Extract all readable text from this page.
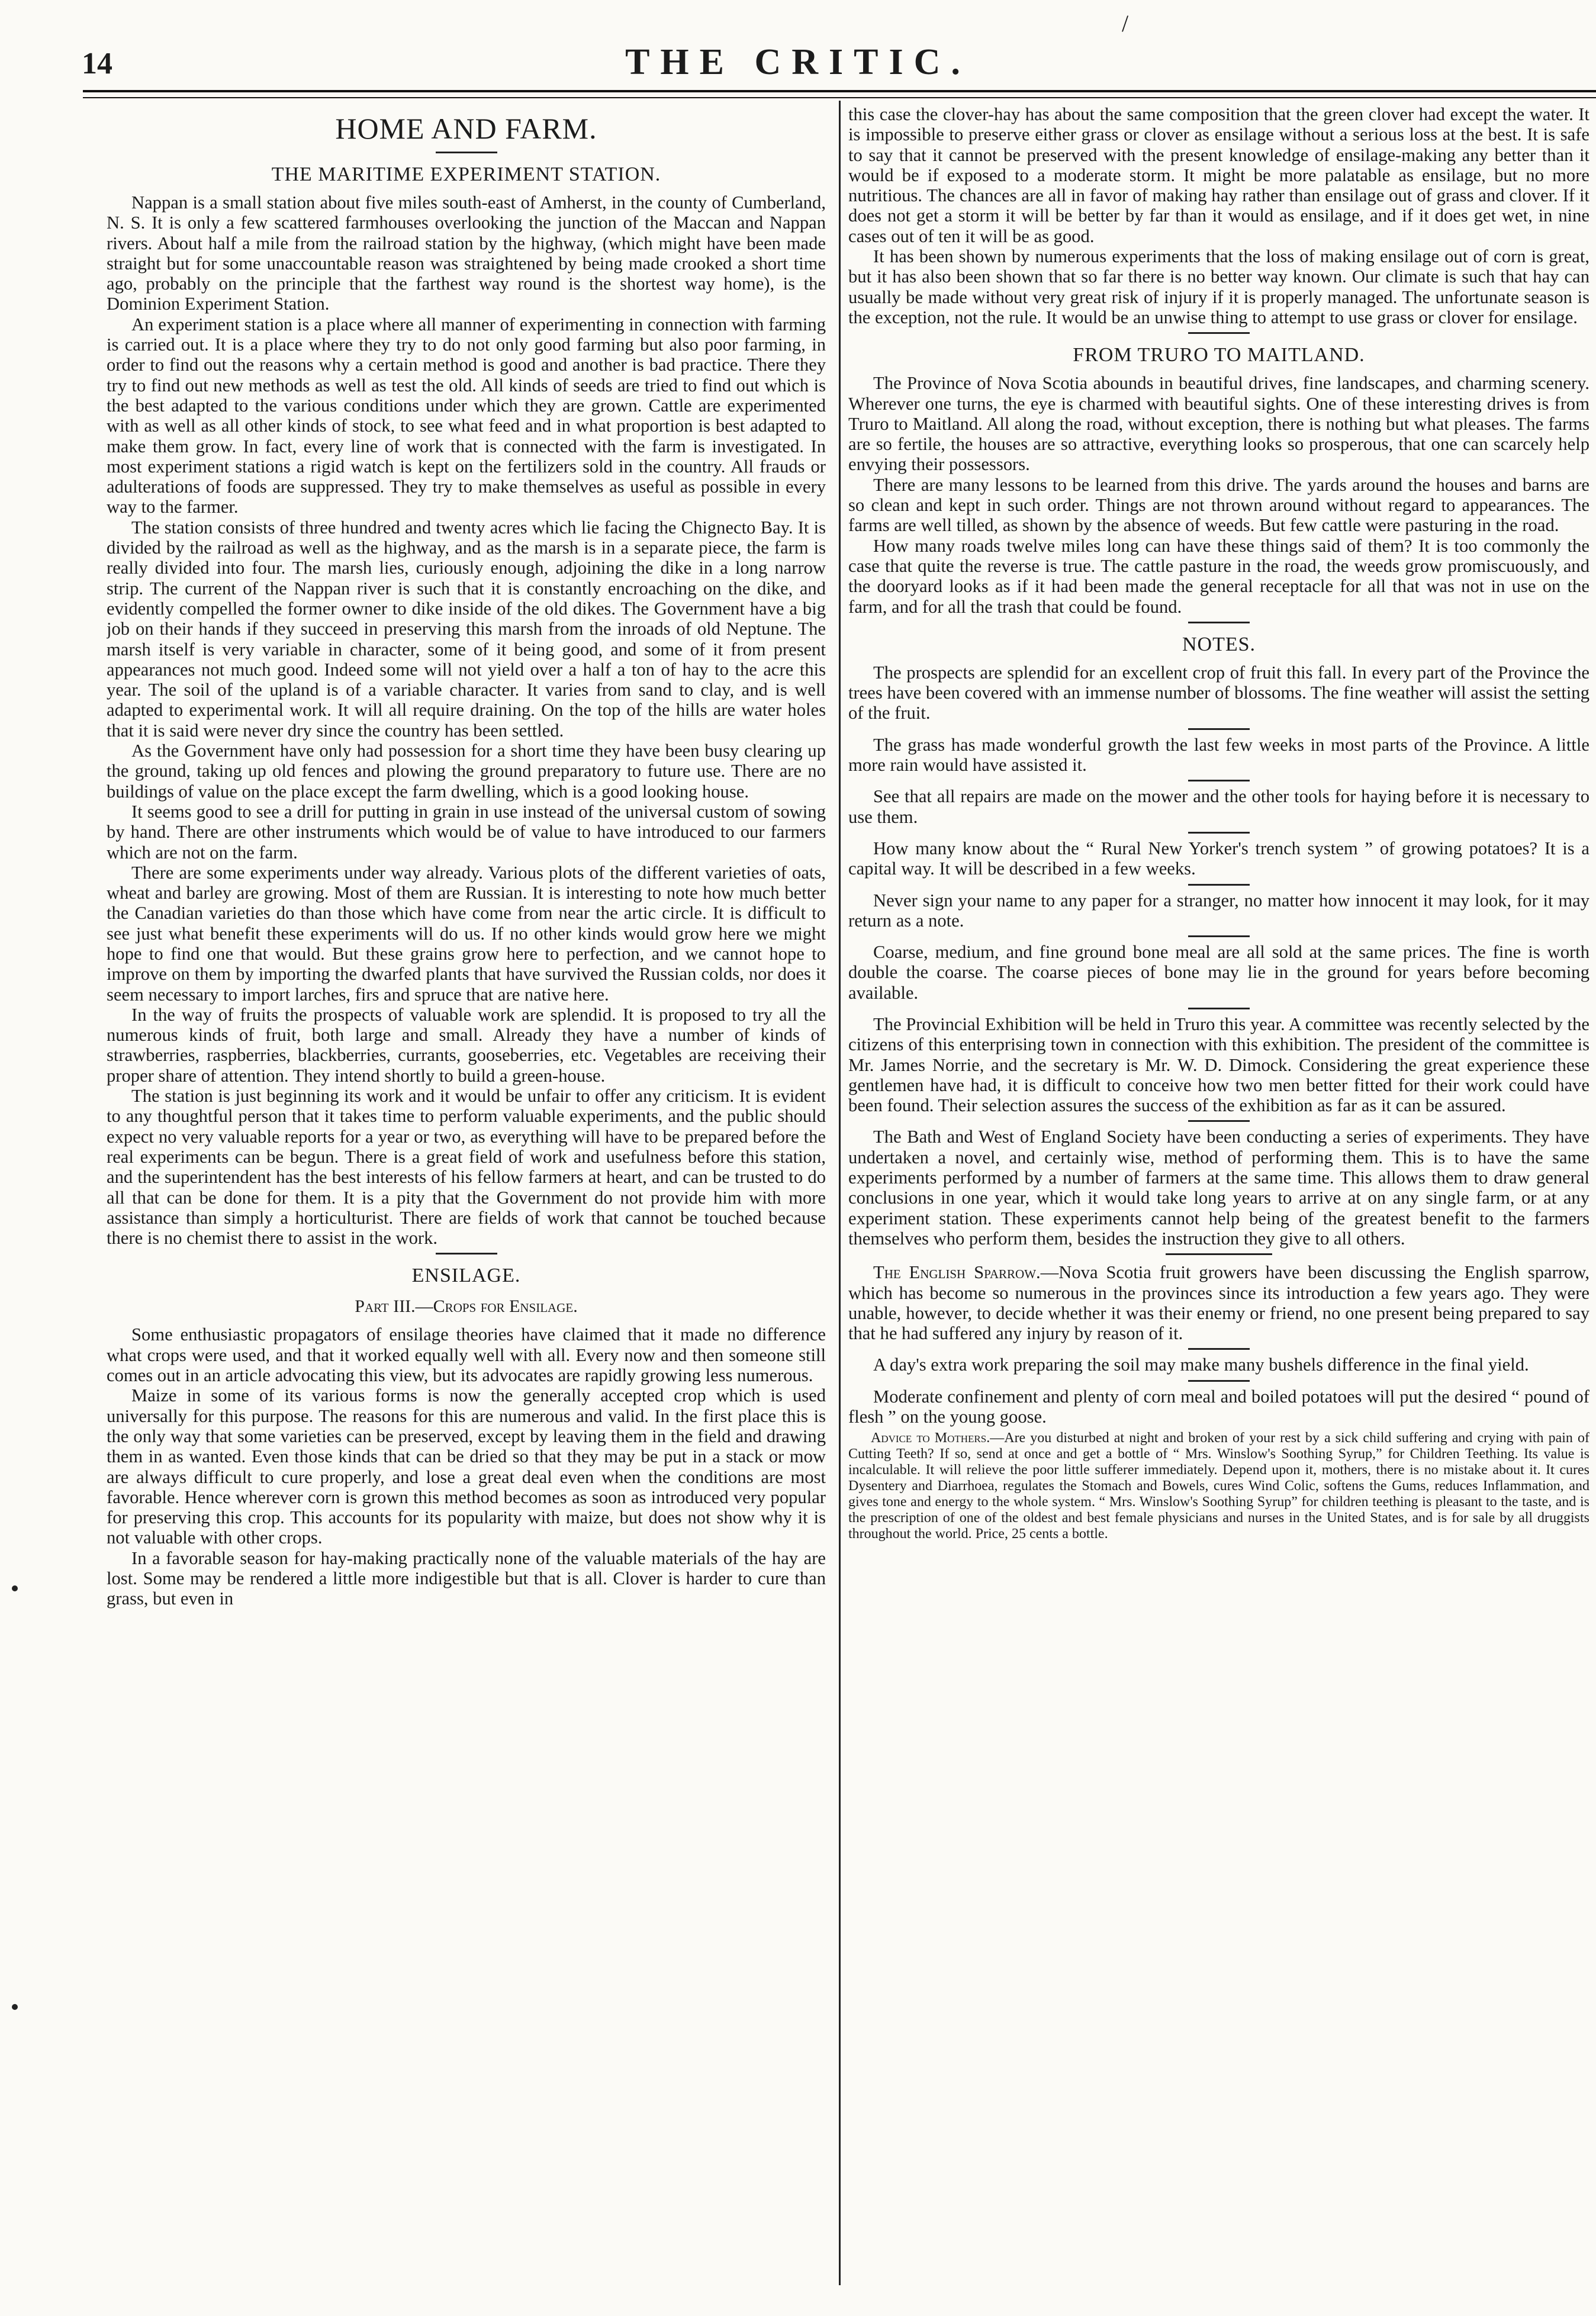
/
14	THE CRITIC.
HOME AND FARM.
THE MARITIME EXPERIMENT STATION.

Nappan is a small station about five miles south-east of Amherst, in the county of Cumberland, N. S. It is only a few scattered farmhouses overlooking the junction of the Maccan and Nappan rivers. About half a mile from the railroad station by the highway, (which might have been made straight but for some unaccountable reason was straightened by being made crooked a short time ago, probably on the principle that the farthest way round is the shortest way home), is the Dominion Experiment Station.

An experiment station is a place where all manner of experimenting in connection with farming is carried out. It is a place where they try to do not only good farming but also poor farming, in order to find out the reasons why a certain method is good and another is bad practice. There they try to find out new methods as well as test the old. All kinds of seeds are tried to find out which is the best adapted to the various conditions under which they are grown. Cattle are experimented with as well as all other kinds of stock, to see what feed and in what proportion is best adapted to make them grow. In fact, every line of work that is connected with the farm is investigated. In most experiment stations a rigid watch is kept on the fertilizers sold in the country. All frauds or adulterations of foods are suppressed. They try to make themselves as useful as possible in every way to the farmer.

The station consists of three hundred and twenty acres which lie facing the Chignecto Bay. It is divided by the railroad as well as the highway, and as the marsh is in a separate piece, the farm is really divided into four. The marsh lies, curiously enough, adjoining the dike in a long narrow strip. The current of the Nappan river is such that it is constantly encroaching on the dike, and evidently compelled the former owner to dike inside of the old dikes. The Government have a big job on their hands if they succeed in preserving this marsh from the inroads of old Neptune. The marsh itself is very variable in character, some of it being good, and some of it from present appearances not much good. Indeed some will not yield over a half a ton of hay to the acre this year. The soil of the upland is of a variable character. It varies from sand to clay, and is well adapted to experimental work. It will all require draining. On the top of the hills are water holes that it is said were never dry since the country has been settled.

As the Government have only had possession for a short time they have been busy clearing up the ground, taking up old fences and plowing the ground preparatory to future use. There are no buildings of value on the place except the farm dwelling, which is a good looking house.

It seems good to see a drill for putting in grain in use instead of the universal custom of sowing by hand. There are other instruments which would be of value to have introduced to our farmers which are not on the farm.

There are some experiments under way already. Various plots of the different varieties of oats, wheat and barley are growing. Most of them are Russian. It is interesting to note how much better the Canadian varieties do than those which have come from near the artic circle. It is difficult to see just what benefit these experiments will do us. If no other kinds would grow here we might hope to find one that would. But these grains grow here to perfection, and we cannot hope to improve on them by importing the dwarfed plants that have survived the Russian colds, nor does it seem necessary to import larches, firs and spruce that are native here.

In the way of fruits the prospects of valuable work are splendid. It is proposed to try all the numerous kinds of fruit, both large and small. Already they have a number of kinds of strawberries, raspberries, blackberries, currants, gooseberries, etc. Vegetables are receiving their proper share of attention. They intend shortly to build a green-house.

The station is just beginning its work and it would be unfair to offer any criticism. It is evident to any thoughtful person that it takes time to perform valuable experiments, and the public should expect no very valuable reports for a year or two, as everything will have to be prepared before the real experiments can be begun. There is a great field of work and usefulness before this station, and the superintendent has the best interests of his fellow farmers at heart, and can be trusted to do all that can be done for them. It is a pity that the Government do not provide him with more assistance than simply a horticulturist. There are fields of work that cannot be touched because there is no chemist there to assist in the work.

ENSILAGE.
Part III.—Crops for Ensilage.

Some enthusiastic propagators of ensilage theories have claimed that it made no difference what crops were used, and that it worked equally well with all. Every now and then someone still comes out in an article advocating this view, but its advocates are rapidly growing less numerous.

Maize in some of its various forms is now the generally accepted crop which is used universally for this purpose. The reasons for this are numerous and valid. In the first place this is the only way that some varieties can be preserved, except by leaving them in the field and drawing them in as wanted. Even those kinds that can be dried so that they may be put in a stack or mow are always difficult to cure properly, and lose a great deal even when the conditions are most favorable. Hence wherever corn is grown this method becomes as soon as introduced very popular for preserving this crop. This accounts for its popularity with maize, but does not show why it is not valuable with other crops.

In a favorable season for hay-making practically none of the valuable materials of the hay are lost. Some may be rendered a little more indigestible but that is all. Clover is harder to cure than grass, but even in

this case the clover-hay has about the same composition that the green clover had except the water. It is impossible to preserve either grass or clover as ensilage without a serious loss at the best. It is safe to say that it cannot be preserved with the present knowledge of ensilage-making any better than it would be if exposed to a moderate storm. It might be more palatable as ensilage, but no more nutritious. The chances are all in favor of making hay rather than ensilage out of grass and clover. If it does not get a storm it will be better by far than it would as ensilage, and if it does get wet, in nine cases out of ten it will be as good.

It has been shown by numerous experiments that the loss of making ensilage out of corn is great, but it has also been shown that so far there is no better way known. Our climate is such that hay can usually be made without very great risk of injury if it is properly managed. The unfortunate season is the exception, not the rule. It would be an unwise thing to attempt to use grass or clover for ensilage.

FROM TRURO TO MAITLAND.

The Province of Nova Scotia abounds in beautiful drives, fine landscapes, and charming scenery. Wherever one turns, the eye is charmed with beautiful sights. One of these interesting drives is from Truro to Maitland. All along the road, without exception, there is nothing but what pleases. The farms are so fertile, the houses are so attractive, everything looks so prosperous, that one can scarcely help envying their possessors.

There are many lessons to be learned from this drive. The yards around the houses and barns are so clean and kept in such order. Things are not thrown around without regard to appearances. The farms are well tilled, as shown by the absence of weeds. But few cattle were pasturing in the road.

How many roads twelve miles long can have these things said of them? It is too commonly the case that quite the reverse is true. The cattle pasture in the road, the weeds grow promiscuously, and the dooryard looks as if it had been made the general receptacle for all that was not in use on the farm, and for all the trash that could be found.

NOTES.

The prospects are splendid for an excellent crop of fruit this fall. In every part of the Province the trees have been covered with an immense number of blossoms. The fine weather will assist the setting of the fruit.

The grass has made wonderful growth the last few weeks in most parts of the Province. A little more rain would have assisted it.

See that all repairs are made on the mower and the other tools for haying before it is necessary to use them.

How many know about the “ Rural New Yorker's trench system ” of growing potatoes? It is a capital way. It will be described in a few weeks.

Never sign your name to any paper for a stranger, no matter how innocent it may look, for it may return as a note.

Coarse, medium, and fine ground bone meal are all sold at the same prices. The fine is worth double the coarse. The coarse pieces of bone may lie in the ground for years before becoming available.

The Provincial Exhibition will be held in Truro this year. A committee was recently selected by the citizens of this enterprising town in connection with this exhibition. The president of the committee is Mr. James Norrie, and the secretary is Mr. W. D. Dimock. Considering the great experience these gentlemen have had, it is difficult to conceive how two men better fitted for their work could have been found. Their selection assures the success of the exhibition as far as it can be assured.

The Bath and West of England Society have been conducting a series of experiments. They have undertaken a novel, and certainly wise, method of performing them. This is to have the same experiments performed by a number of farmers at the same time. This allows them to draw general conclusions in one year, which it would take long years to arrive at on any single farm, or at any experiment station. These experiments cannot help being of the greatest benefit to the farmers themselves who perform them, besides the instruction they give to all others.

The English Sparrow.—Nova Scotia fruit growers have been discussing the English sparrow, which has become so numerous in the provinces since its introduction a few years ago. They were unable, however, to decide whether it was their enemy or friend, no one present being prepared to say that he had suffered any injury by reason of it.

A day's extra work preparing the soil may make many bushels difference in the final yield.

Moderate confinement and plenty of corn meal and boiled potatoes will put the desired “ pound of flesh ” on the young goose.

Advice to Mothers.—Are you disturbed at night and broken of your rest by a sick child suffering and crying with pain of Cutting Teeth? If so, send at once and get a bottle of “ Mrs. Winslow's Soothing Syrup,” for Children Teething. Its value is incalculable. It will relieve the poor little sufferer immediately. Depend upon it, mothers, there is no mistake about it. It cures Dysentery and Diarrhoea, regulates the Stomach and Bowels, cures Wind Colic, softens the Gums, reduces Inflammation, and gives tone and energy to the whole system. “ Mrs. Winslow's Soothing Syrup” for children teething is pleasant to the taste, and is the prescription of one of the oldest and best female physicians and nurses in the United States, and is for sale by all druggists throughout the world. Price, 25 cents a bottle.
